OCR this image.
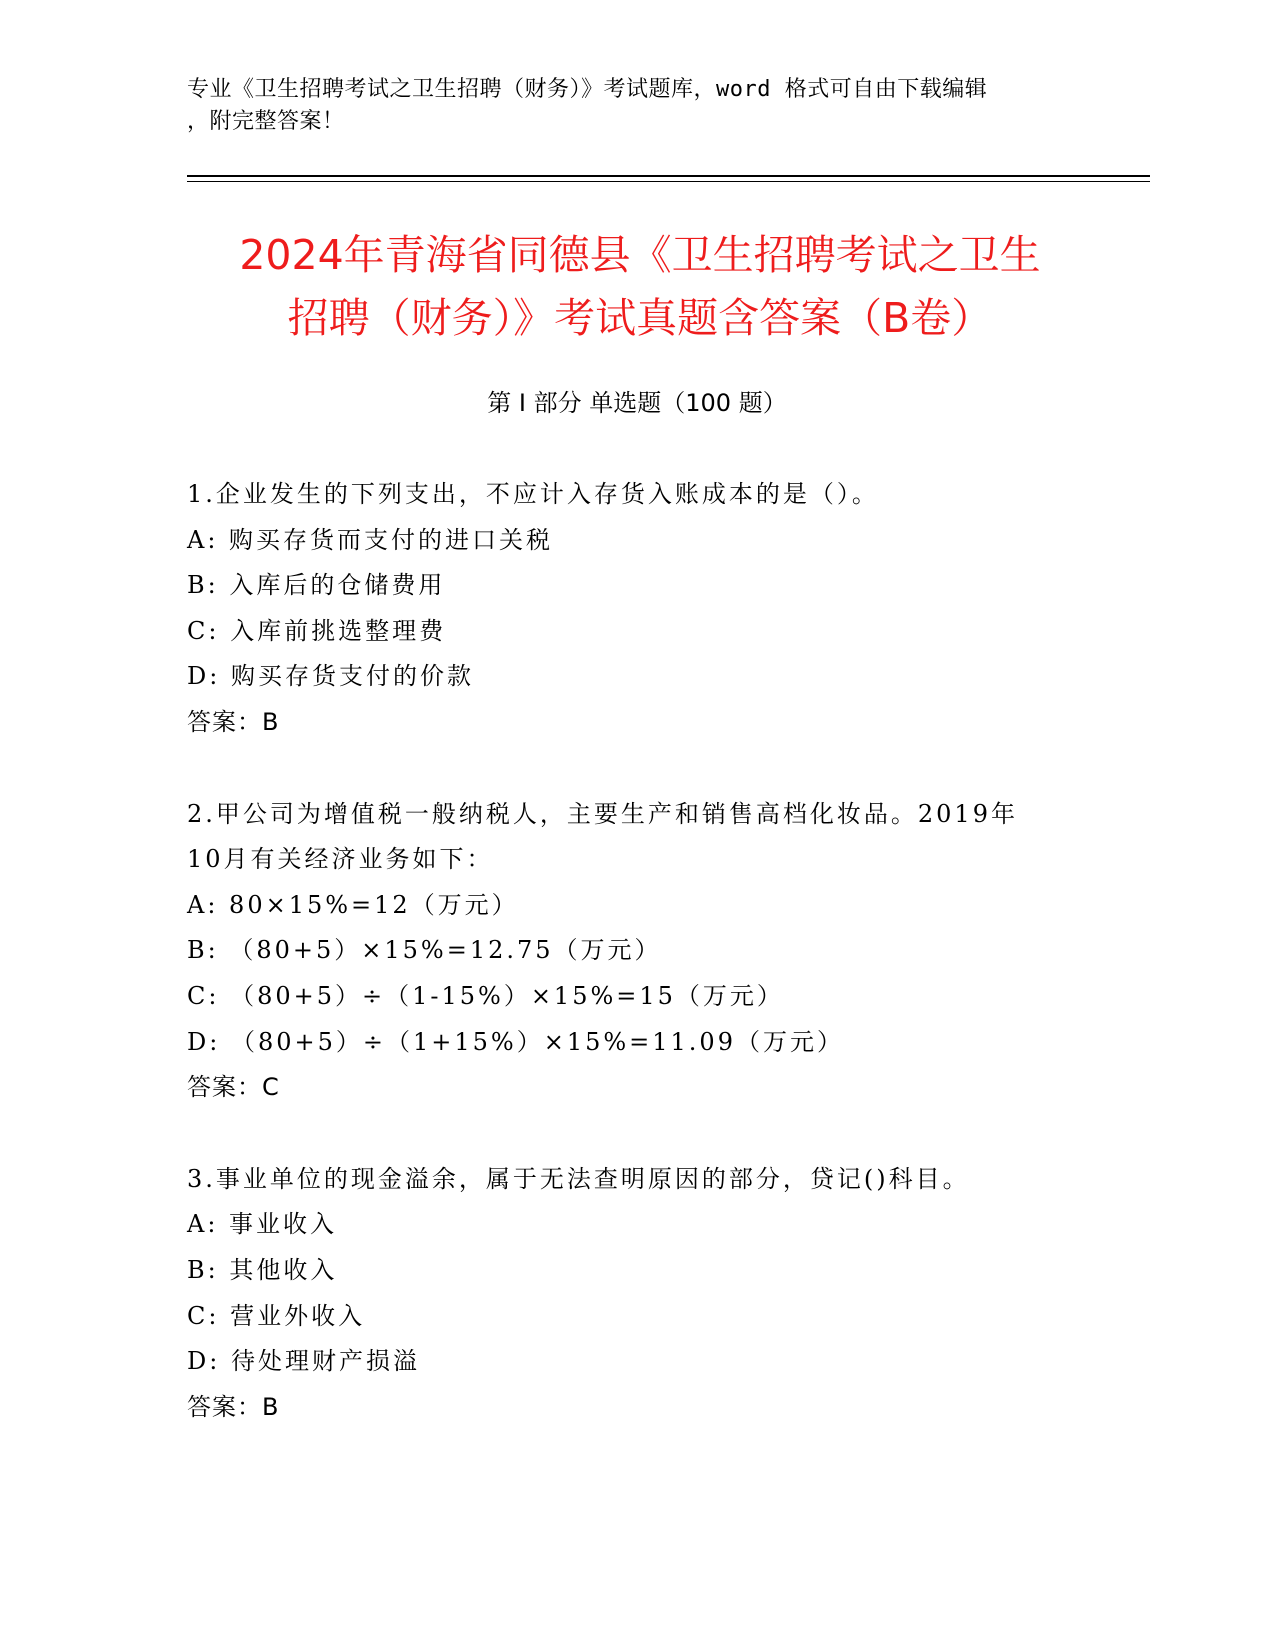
专业《卫生招聘考试之卫生招聘（财务）》考试题库，word 格式可自由下载编辑
，附完整答案！
2024年青海省同德县《卫生招聘考试之卫生
招聘（财务）》考试真题含答案（B卷）
第 I 部分 单选题（100 题）

1.企业发生的下列支出，不应计入存货入账成本的是（）。

A: 购买存货而支付的进口关税

B: 入库后的仓储费用

C: 入库前挑选整理费

D: 购买存货支付的价款

答案：B

2.甲公司为增值税一般纳税人，主要生产和销售高档化妆品。2019年

10月有关经济业务如下：

A: 80×15%=12（万元）

B: （80+5）×15%=12.75（万元）

C: （80+5）÷（1-15%）×15%=15（万元）

D: （80+5）÷（1+15%）×15%=11.09（万元）

答案：C

3.事业单位的现金溢余，属于无法查明原因的部分，贷记()科目。

A: 事业收入

B: 其他收入

C: 营业外收入

D: 待处理财产损溢

答案：B
